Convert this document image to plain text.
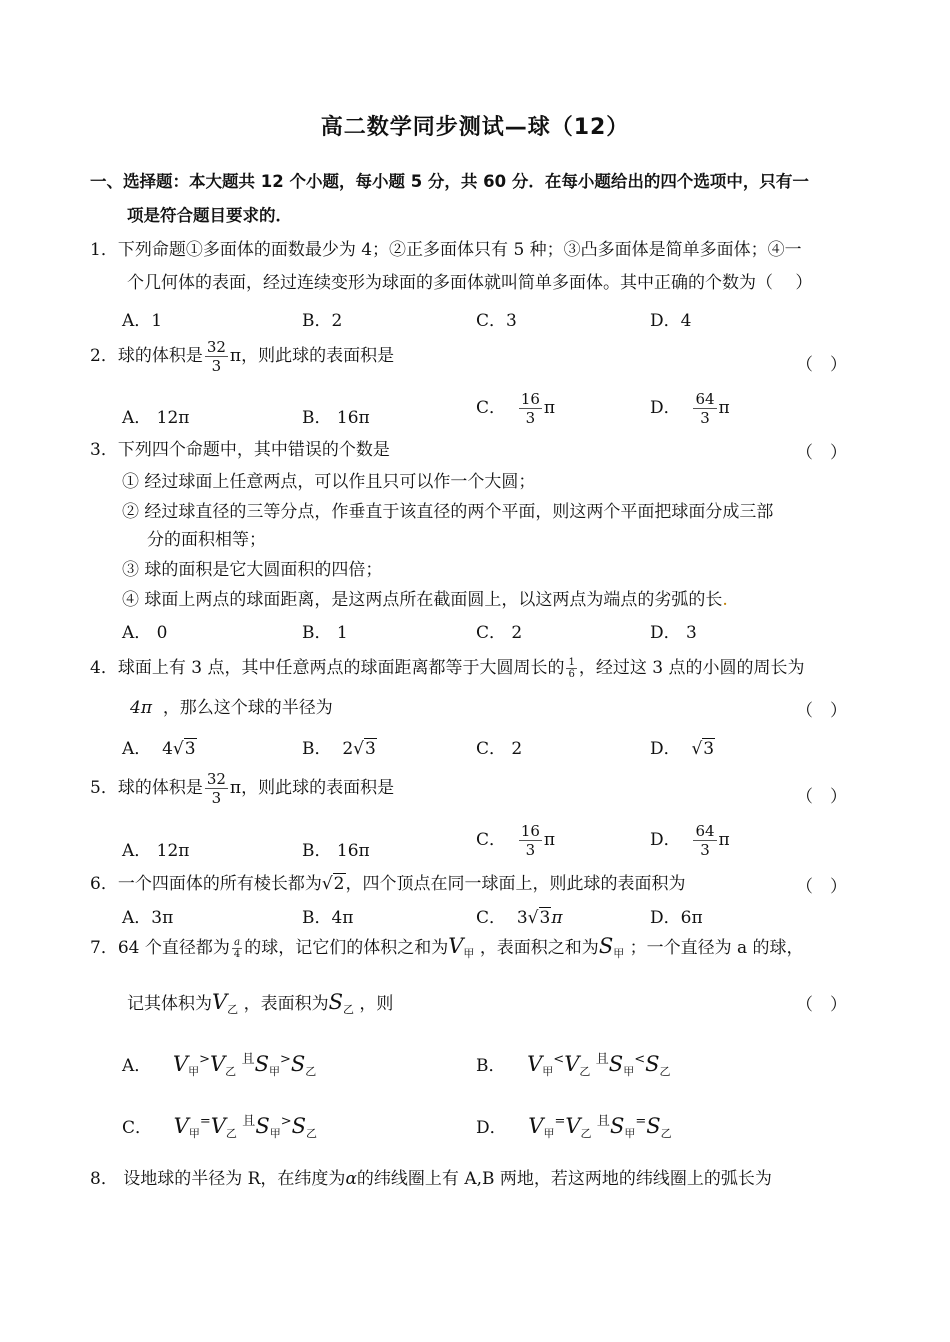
高二数学同步测试—球（12）
一、选择题：本大题共 12 个小题，每小题 5 分，共 60 分．在每小题给出的四个选项中，只有一
项是符合题目要求的．
1．下列命题①多面体的面数最少为 4；②正多面体只有 5 种；③凸多面体是简单多面体；④一
个几何体的表面，经过连续变形为球面的多面体就叫简单多面体。其中正确的个数为（　 ）
A．1	B．2	C．3	D．4
2．球的体积是 $\frac{32}{3}$ π，则此球的表面积是	（　）
A． 12π	B． 16π	C． $\frac{16}{3}$ π	D． $\frac{64}{3}$ π
3．下列四个命题中，其中错误的个数是	（　）
① 经过球面上任意两点，可以作且只可以作一个大圆；
② 经过球直径的三等分点，作垂直于该直径的两个平面，则这两个平面把球面分成三部
分的面积相等；
③ 球的面积是它大圆面积的四倍；
④ 球面上两点的球面距离，是这两点所在截面圆上，以这两点为端点的劣弧的长.
A． 0	B． 1	C． 2	D． 3
4．球面上有 3 点，其中任意两点的球面距离都等于大圆周长的 $\frac{1}{6}$ ，经过这 3 点的小圆的周长为
4π ，那么这个球的半径为	（　）
A． 4√3	B． 2√3	C． 2	D． √3
5．球的体积是 $\frac{32}{3}$ π，则此球的表面积是	（　）
A． 12π	B． 16π
C． $\frac{16}{3}$ π	D． $\frac{64}{3}$ π
6．一个四面体的所有棱长都为√2，四个顶点在同一球面上，则此球的表面积为	（　）
A．3π	B．4π	C． 3√3π	D．6π
7．64 个直径都为 $\frac{a}{4}$ 的球，记它们的体积之和为$V_甲$ ，表面积之和为$S_甲$ ；一个直径为 a 的球，
记其体积为$V_乙$ ，表面积为$S_乙$ ，则	（　）
A． $V_甲^>V_乙$ $^且S_甲^>S_乙$	B． $V_甲^<V_乙$ $^且S_甲^<S_乙$
C． $V_甲^=V_乙$ $^且S_甲^>S_乙$	D． $V_甲^=V_乙$ $^且S_甲^=S_乙$
8． 设地球的半径为 R，在纬度为α的纬线圈上有 A,B 两地，若这两地的纬线圈上的弧长为
